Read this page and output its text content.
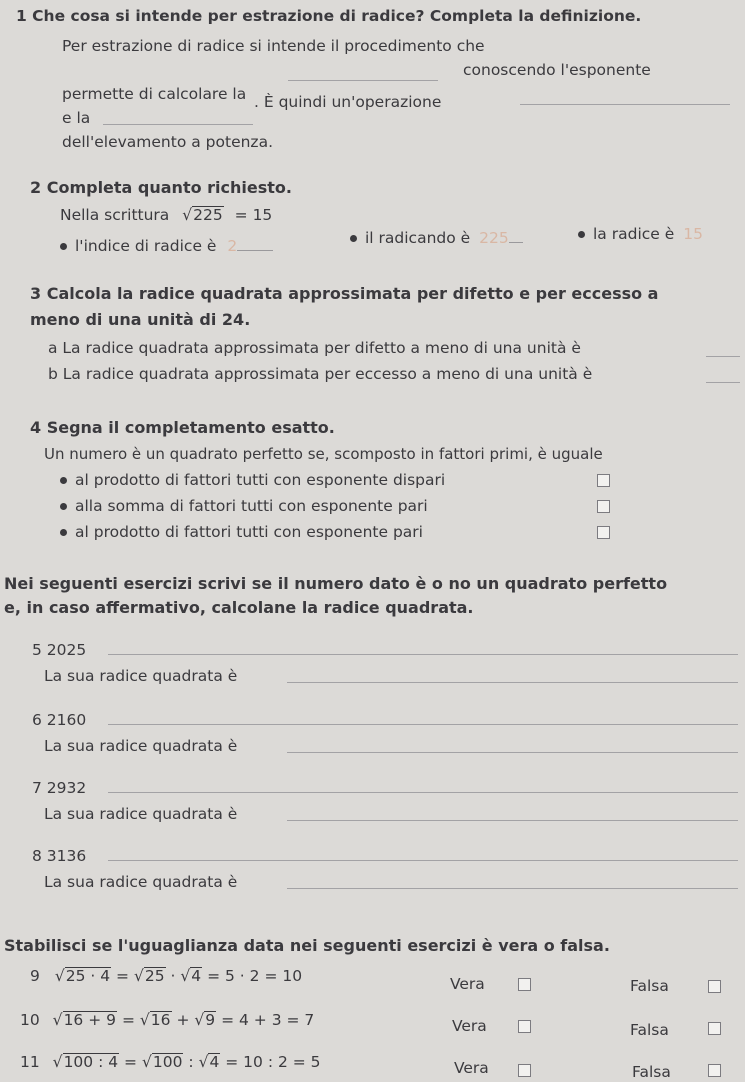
1 Che cosa si intende per estrazione di radice? Completa la definizione.
Per estrazione di radice si intende il procedimento che
permette di calcolare la
conoscendo l'esponente
e la
. È quindi un'operazione
dell'elevamento a potenza.
2 Completa quanto richiesto.
Nella scrittura √225 = 15
l'indice di radice è 2	il radicando è 225	la radice è 15
3 Calcola la radice quadrata approssimata per difetto e per eccesso a
meno di una unità di 24.
a La radice quadrata approssimata per difetto a meno di una unità è
b La radice quadrata approssimata per eccesso a meno di una unità è
4 Segna il completamento esatto.
Un numero è un quadrato perfetto se, scomposto in fattori primi, è uguale
al prodotto di fattori tutti con esponente dispari
alla somma di fattori tutti con esponente pari
al prodotto di fattori tutti con esponente pari
Nei seguenti esercizi scrivi se il numero dato è o no un quadrato perfetto
e, in caso affermativo, calcolane la radice quadrata.
5 2025
La sua radice quadrata è
6 2160
La sua radice quadrata è
7 2932
La sua radice quadrata è
8 3136
La sua radice quadrata è
Stabilisci se l'uguaglianza data nei seguenti esercizi è vera o falsa.
9 √25 · 4 = √25 · √4 = 5 · 2 = 10	Vera	Falsa
10 √16 + 9 = √16 + √9 = 4 + 3 = 7	Vera	Falsa
11 √100 : 4 = √100 : √4 = 10 : 2 = 5	Vera	Falsa
